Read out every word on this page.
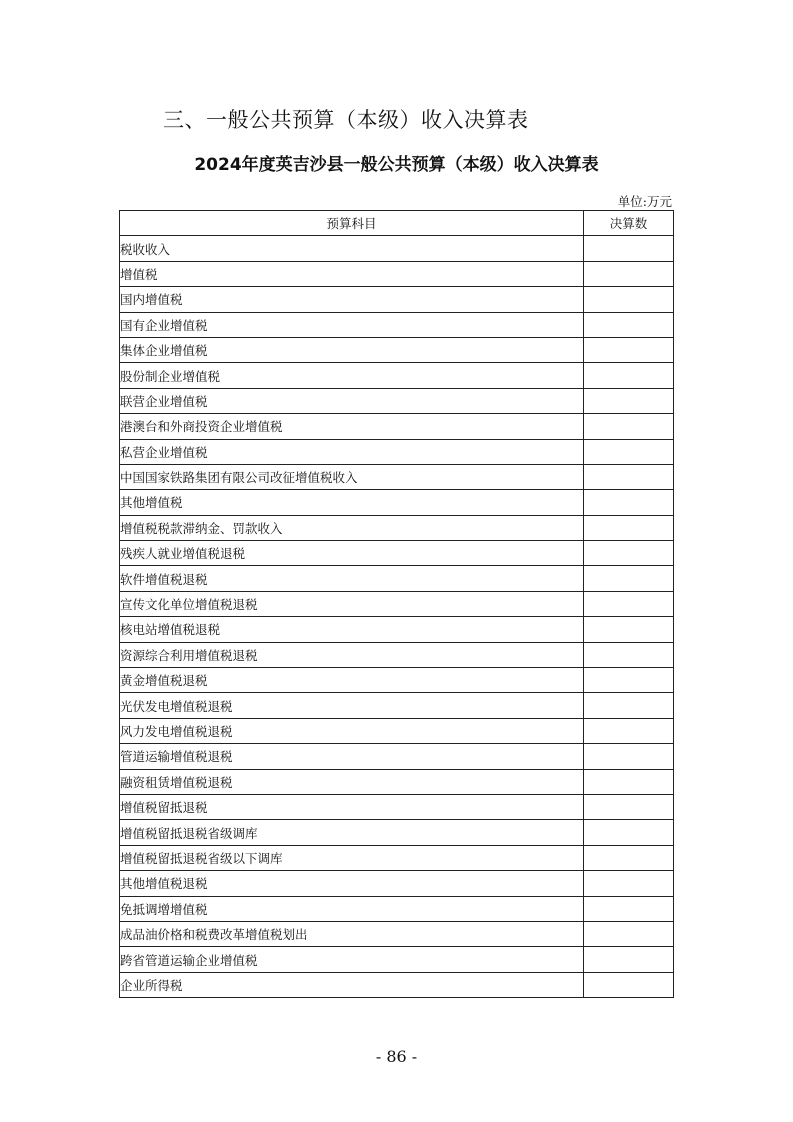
三、一般公共预算（本级）收入决算表
2024年度英吉沙县一般公共预算（本级）收入决算表
单位:万元
预算科目	决算数
税收收入	
增值税	
国内增值税	
国有企业增值税	
集体企业增值税	
股份制企业增值税	
联营企业增值税	
港澳台和外商投资企业增值税	
私营企业增值税	
中国国家铁路集团有限公司改征增值税收入	
其他增值税	
增值税税款滞纳金、罚款收入	
残疾人就业增值税退税	
软件增值税退税	
宣传文化单位增值税退税	
核电站增值税退税	
资源综合利用增值税退税	
黄金增值税退税	
光伏发电增值税退税	
风力发电增值税退税	
管道运输增值税退税	
融资租赁增值税退税	
增值税留抵退税	
增值税留抵退税省级调库	
增值税留抵退税省级以下调库	
其他增值税退税	
免抵调增增值税	
成品油价格和税费改革增值税划出	
跨省管道运输企业增值税	
企业所得税	
- 86 -
